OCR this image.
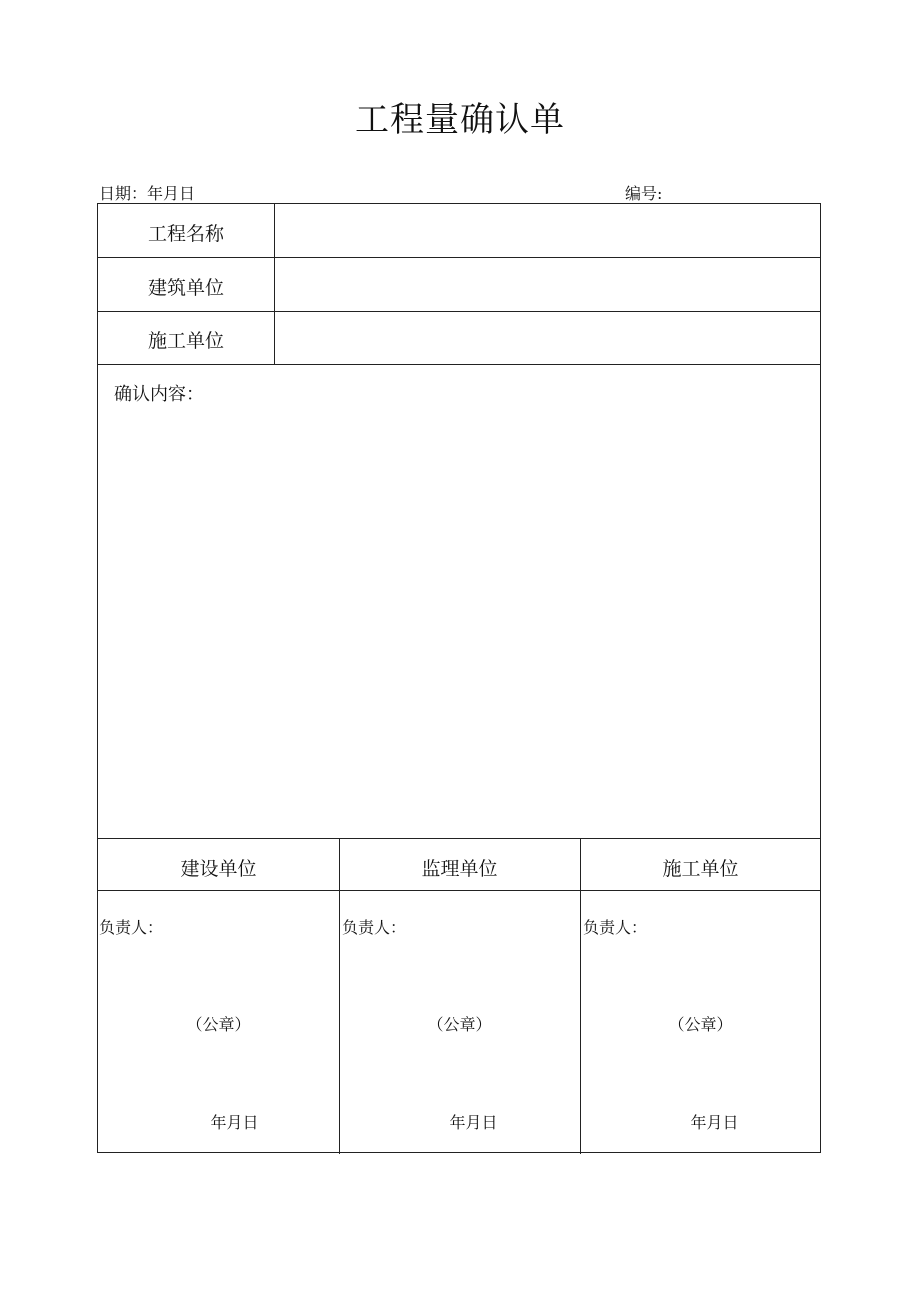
工程量确认单
日期：年月日	编号:
工程名称
建筑单位
施工单位
确认内容：
建设单位	监理单位	施工单位
负责人：	负责人：	负责人：
（公章）	（公章）	（公章）
年月日	年月日	年月日
